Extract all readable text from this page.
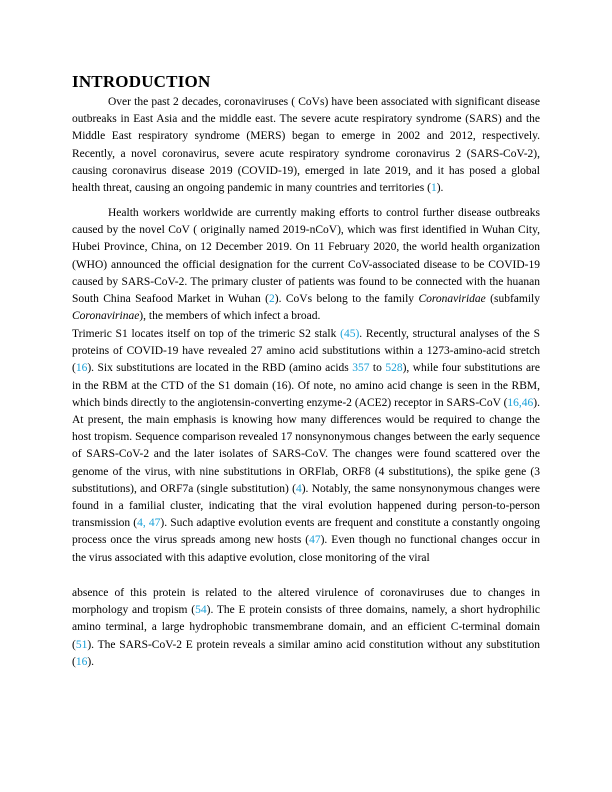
INTRODUCTION

Over the past 2 decades, coronaviruses ( CoVs) have been associated with significant disease outbreaks in East Asia and the middle east. The severe acute respiratory syndrome (SARS) and the Middle East respiratory syndrome (MERS) began to emerge in 2002 and 2012, respectively. Recently, a novel coronavirus, severe acute respiratory syndrome coronavirus 2 (SARS-CoV-2), causing coronavirus disease 2019 (COVID-19), emerged in late 2019, and it has posed a global health threat, causing an ongoing pandemic in many countries and territories (1).

Health workers worldwide are currently making efforts to control further disease outbreaks caused by the novel CoV ( originally named 2019-nCoV), which was first identified in Wuhan City, Hubei Province, China, on 12 December 2019. On 11 February 2020, the world health organization (WHO) announced the official designation for the current CoV-associated disease to be COVID-19 caused by SARS-CoV-2. The primary cluster of patients was found to be connected with the huanan South China Seafood Market in Wuhan (2). CoVs belong to the family Coronaviridae (subfamily Coronavirinae), the members of which infect a broad.

Trimeric S1 locates itself on top of the trimeric S2 stalk (45). Recently, structural analyses of the S proteins of COVID-19 have revealed 27 amino acid substitutions within a 1273-amino-acid stretch (16). Six substitutions are located in the RBD (amino acids 357 to 528), while four substitutions are in the RBM at the CTD of the S1 domain (16). Of note, no amino acid change is seen in the RBM, which binds directly to the angiotensin-converting enzyme-2 (ACE2) receptor in SARS-CoV (16,46). At present, the main emphasis is knowing how many differences would be required to change the host tropism. Sequence comparison revealed 17 nonsynonymous changes between the early sequence of SARS-CoV-2 and the later isolates of SARS-CoV. The changes were found scattered over the genome of the virus, with nine substitutions in ORFlab, ORF8 (4 substitutions), the spike gene (3 substitutions), and ORF7a (single substitution) (4). Notably, the same nonsynonymous changes were found in a familial cluster, indicating that the viral evolution happened during person-to-person transmission (4, 47). Such adaptive evolution events are frequent and constitute a constantly ongoing process once the virus spreads among new hosts (47). Even though no functional changes occur in the virus associated with this adaptive evolution, close monitoring of the viral

absence of this protein is related to the altered virulence of coronaviruses due to changes in morphology and tropism (54). The E protein consists of three domains, namely, a short hydrophilic amino terminal, a large hydrophobic transmembrane domain, and an efficient C-terminal domain (51). The SARS-CoV-2 E protein reveals a similar amino acid constitution without any substitution (16).
